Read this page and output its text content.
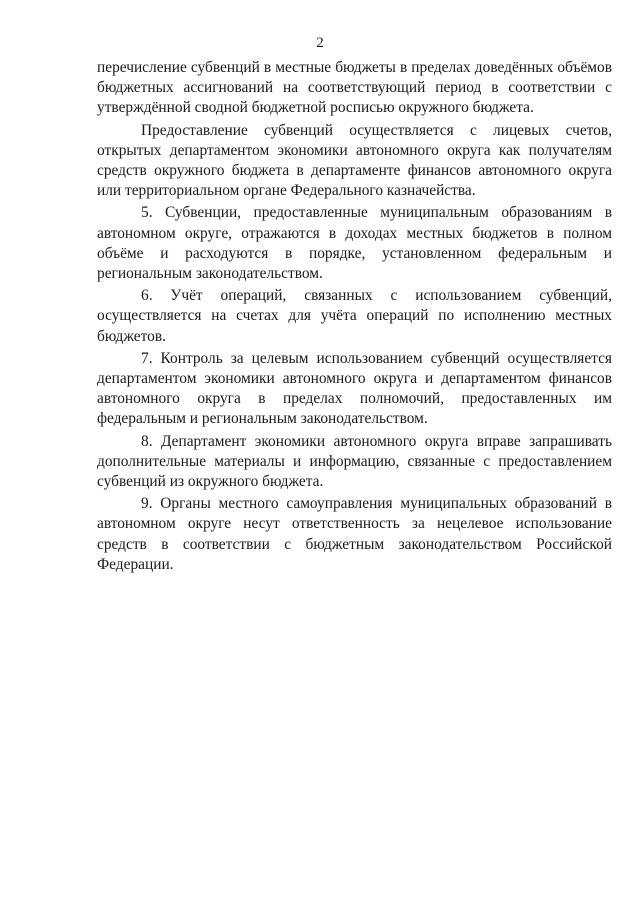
2

перечисление субвенций в местные бюджеты в пределах доведённых объёмов бюджетных ассигнований на соответствующий период в соответствии с утверждённой сводной бюджетной росписью окружного бюджета.

Предоставление субвенций осуществляется с лицевых счетов, открытых департаментом экономики автономного округа как получателям средств окружного бюджета в департаменте финансов автономного округа или территориальном органе Федерального казначейства.

5. Субвенции, предоставленные муниципальным образованиям в автономном округе, отражаются в доходах местных бюджетов в полном объёме и расходуются в порядке, установленном федеральным и региональным законодательством.

6. Учёт операций, связанных с использованием субвенций, осуществляется на счетах для учёта операций по исполнению местных бюджетов.

7. Контроль за целевым использованием субвенций осуществляется департаментом экономики автономного округа и департаментом финансов автономного округа в пределах полномочий, предоставленных им федеральным и региональным законодательством.

8. Департамент экономики автономного округа вправе запрашивать дополнительные материалы и информацию, связанные с предоставлением субвенций из окружного бюджета.

9. Органы местного самоуправления муниципальных образований в автономном округе несут ответственность за нецелевое использование средств в соответствии с бюджетным законодательством Российской Федерации.
